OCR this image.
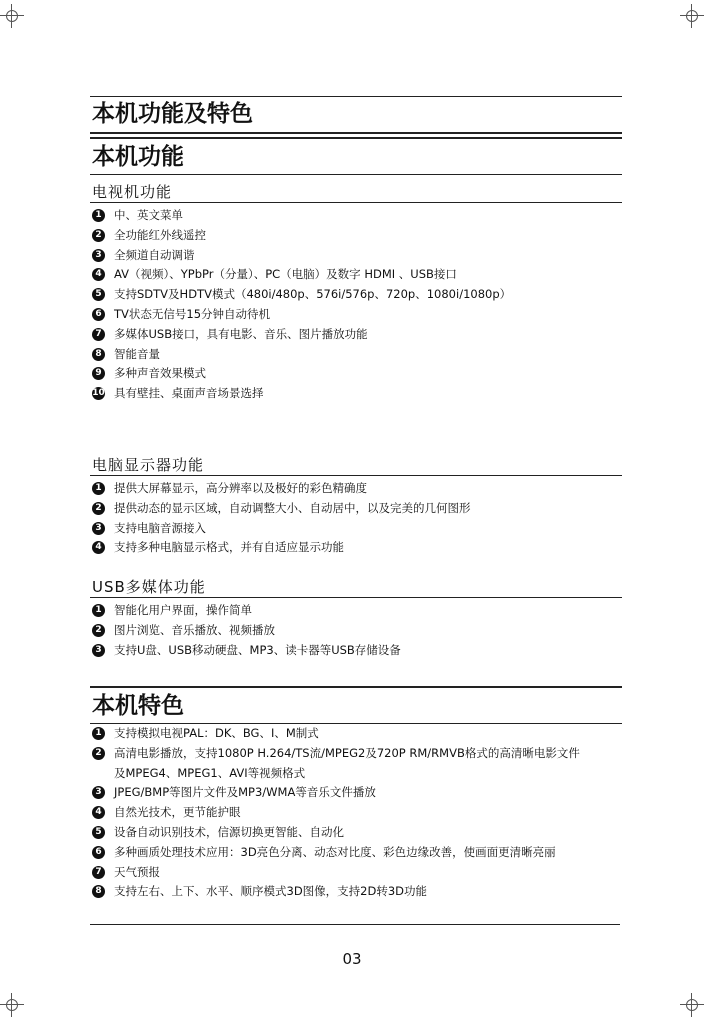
本机功能及特色
本机功能
电视机功能
1 中、英文菜单
2 全功能红外线遥控
3 全频道自动调谐
4 AV（视频）、YPbPr（分量）、PC（电脑）及数字 HDMI 、USB接口
5 支持SDTV及HDTV模式（480i/480p、576i/576p、720p、1080i/1080p）
6 TV状态无信号15分钟自动待机
7 多媒体USB接口，具有电影、音乐、图片播放功能
8 智能音量
9 多种声音效果模式
10 具有壁挂、桌面声音场景选择
电脑显示器功能
1 提供大屏幕显示，高分辨率以及极好的彩色精确度
2 提供动态的显示区域，自动调整大小、自动居中，以及完美的几何图形
3 支持电脑音源接入
4 支持多种电脑显示格式，并有自适应显示功能
USB多媒体功能
1 智能化用户界面，操作简单
2 图片浏览、音乐播放、视频播放
3 支持U盘、USB移动硬盘、MP3、读卡器等USB存储设备
本机特色
1 支持模拟电视PAL：DK、BG、I、M制式
2 高清电影播放，支持1080P H.264/TS流/MPEG2及720P RM/RMVB格式的高清晰电影文件
及MPEG4、MPEG1、AVI等视频格式
3 JPEG/BMP等图片文件及MP3/WMA等音乐文件播放
4 自然光技术，更节能护眼
5 设备自动识别技术，信源切换更智能、自动化
6 多种画质处理技术应用：3D亮色分离、动态对比度、彩色边缘改善，使画面更清晰亮丽
7 天气预报
8 支持左右、上下、水平、顺序模式3D图像，支持2D转3D功能
03
